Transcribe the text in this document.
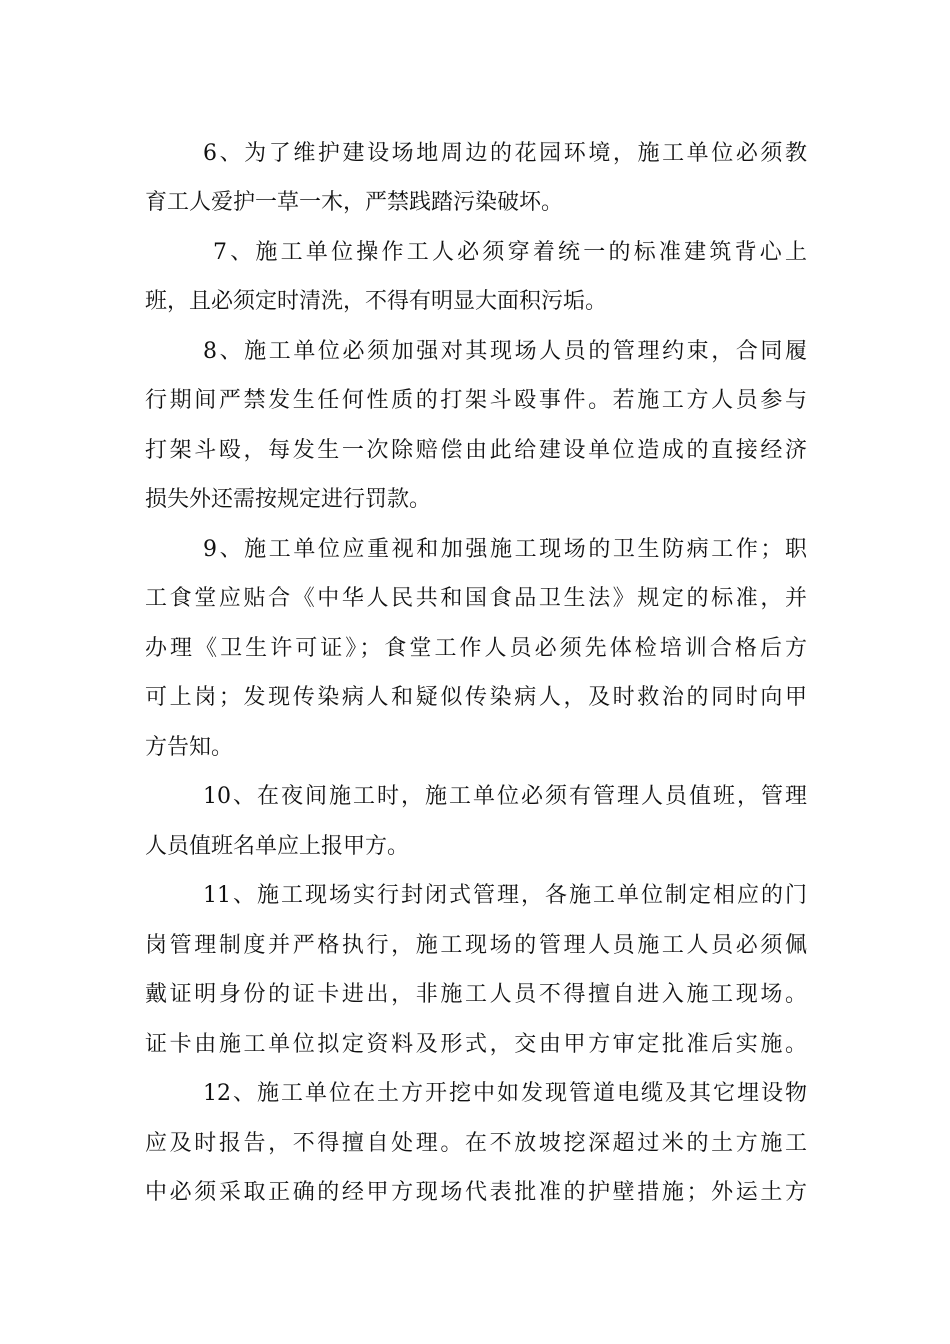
6、为了维护建设场地周边的花园环境，施工单位必须教
育工人爱护一草一木，严禁践踏污染破坏。
7、施工单位操作工人必须穿着统一的标准建筑背心上
班，且必须定时清洗，不得有明显大面积污垢。
8、施工单位必须加强对其现场人员的管理约束，合同履
行期间严禁发生任何性质的打架斗殴事件。若施工方人员参与
打架斗殴，每发生一次除赔偿由此给建设单位造成的直接经济
损失外还需按规定进行罚款。
9、施工单位应重视和加强施工现场的卫生防病工作；职
工食堂应贴合《中华人民共和国食品卫生法》规定的标准，并
办理《卫生许可证》；食堂工作人员必须先体检培训合格后方
可上岗；发现传染病人和疑似传染病人，及时救治的同时向甲
方告知。
10、在夜间施工时，施工单位必须有管理人员值班，管理
人员值班名单应上报甲方。
11、施工现场实行封闭式管理，各施工单位制定相应的门
岗管理制度并严格执行，施工现场的管理人员施工人员必须佩
戴证明身份的证卡进出，非施工人员不得擅自进入施工现场。
证卡由施工单位拟定资料及形式，交由甲方审定批准后实施。
12、施工单位在土方开挖中如发现管道电缆及其它埋设物
应及时报告，不得擅自处理。在不放坡挖深超过米的土方施工
中必须采取正确的经甲方现场代表批准的护壁措施；外运土方
